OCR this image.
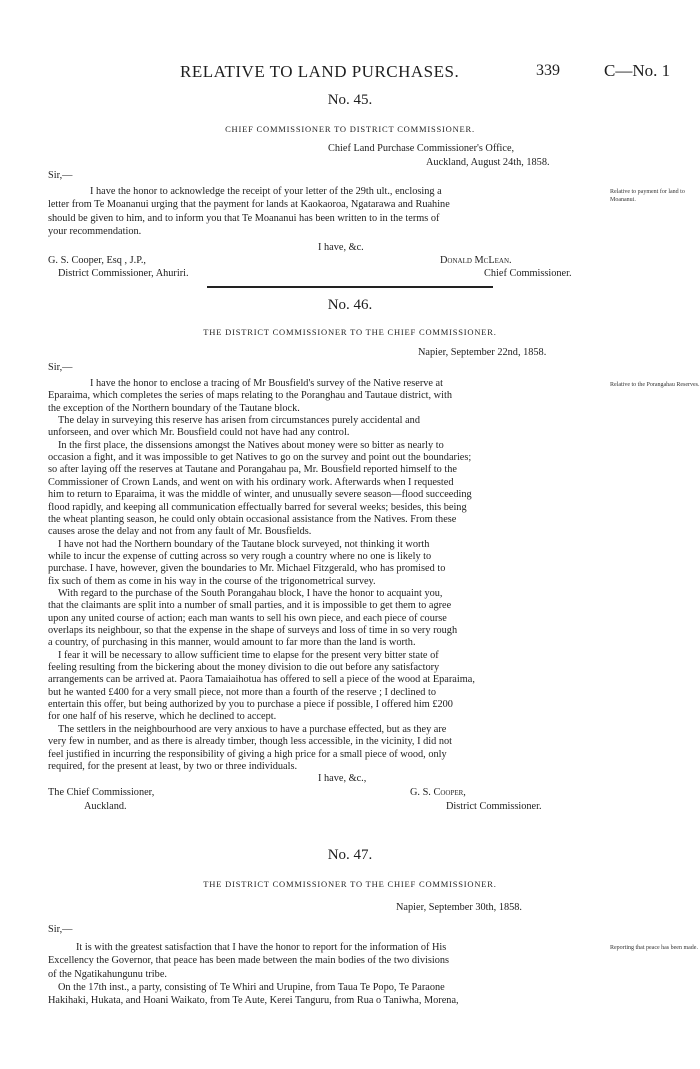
RELATIVE TO LAND PURCHASES.	339	C—No. 1
No. 45.
CHIEF COMMISSIONER TO DISTRICT COMMISSIONER.
Chief Land Purchase Commissioner's Office,
Auckland, August 24th, 1858.
Sir,—
Relative to payment for land to Moananui.
I have the honor to acknowledge the receipt of your letter of the 29th ult., enclosing a
letter from Te Moananui urging that the payment for lands at Kaokaoroa, Ngatarawa and Ruahine
should be given to him, and to inform you that Te Moananui has been written to in the terms of
your recommendation.
I have, &c.
G. S. Cooper, Esq , J.P.,
District Commissioner, Ahuriri.
Donald McLean.
Chief Commissioner.
No. 46.
THE DISTRICT COMMISSIONER TO THE CHIEF COMMISSIONER.
Napier, September 22nd, 1858.
Sir,—
Relative to the Porangahau Reserves.
I have the honor to enclose a tracing of Mr Bousfield's survey of the Native reserve at
Eparaima, which completes the series of maps relating to the Poranghau and Tautaue district, with
the exception of the Northern boundary of the Tautane block.
The delay in surveying this reserve has arisen from circumstances purely accidental and
unforseen, and over which Mr. Bousfield could not have had any control.
In the first place, the dissensions amongst the Natives about money were so bitter as nearly to
occasion a fight, and it was impossible to get Natives to go on the survey and point out the boundaries;
so after laying off the reserves at Tautane and Porangahau pa, Mr. Bousfield reported himself to the
Commissioner of Crown Lands, and went on with his ordinary work. Afterwards when I requested
him to return to Eparaima, it was the middle of winter, and unusually severe season—flood succeeding
flood rapidly, and keeping all communication effectually barred for several weeks; besides, this being
the wheat planting season, he could only obtain occasional assistance from the Natives. From these
causes arose the delay and not from any fault of Mr. Bousfields.
I have not had the Northern boundary of the Tautane block surveyed, not thinking it worth
while to incur the expense of cutting across so very rough a country where no one is likely to
purchase. I have, however, given the boundaries to Mr. Michael Fitzgerald, who has promised to
fix such of them as come in his way in the course of the trigonometrical survey.
With regard to the purchase of the South Porangahau block, I have the honor to acquaint you,
that the claimants are split into a number of small parties, and it is impossible to get them to agree
upon any united course of action; each man wants to sell his own piece, and each piece of course
overlaps its neighbour, so that the expense in the shape of surveys and loss of time in so very rough
a country, of purchasing in this manner, would amount to far more than the land is worth.
I fear it will be necessary to allow sufficient time to elapse for the present very bitter state of
feeling resulting from the bickering about the money division to die out before any satisfactory
arrangements can be arrived at. Paora Tamaiaihotua has offered to sell a piece of the wood at Eparaima,
but he wanted £400 for a very small piece, not more than a fourth of the reserve ; I declined to
entertain this offer, but being authorized by you to purchase a piece if possible, I offered him £200
for one half of his reserve, which he declined to accept.
The settlers in the neighbourhood are very anxious to have a purchase effected, but as they are
very few in number, and as there is already timber, though less accessible, in the vicinity, I did not
feel justified in incurring the responsibility of giving a high price for a small piece of wood, only
required, for the present at least, by two or three individuals.
I have, &c.,
The Chief Commissioner,
Auckland.
G. S. Cooper,
District Commissioner.
No. 47.
THE DISTRICT COMMISSIONER TO THE CHIEF COMMISSIONER.
Napier, September 30th, 1858.
Sir,—
Reporting that peace has been made.
It is with the greatest satisfaction that I have the honor to report for the information of His
Excellency the Governor, that peace has been made between the main bodies of the two divisions
of the Ngatikahungunu tribe.
On the 17th inst., a party, consisting of Te Whiri and Urupine, from Taua Te Popo, Te Paraone
Hakihaki, Hukata, and Hoani Waikato, from Te Aute, Kerei Tanguru, from Rua o Taniwha, Morena,
